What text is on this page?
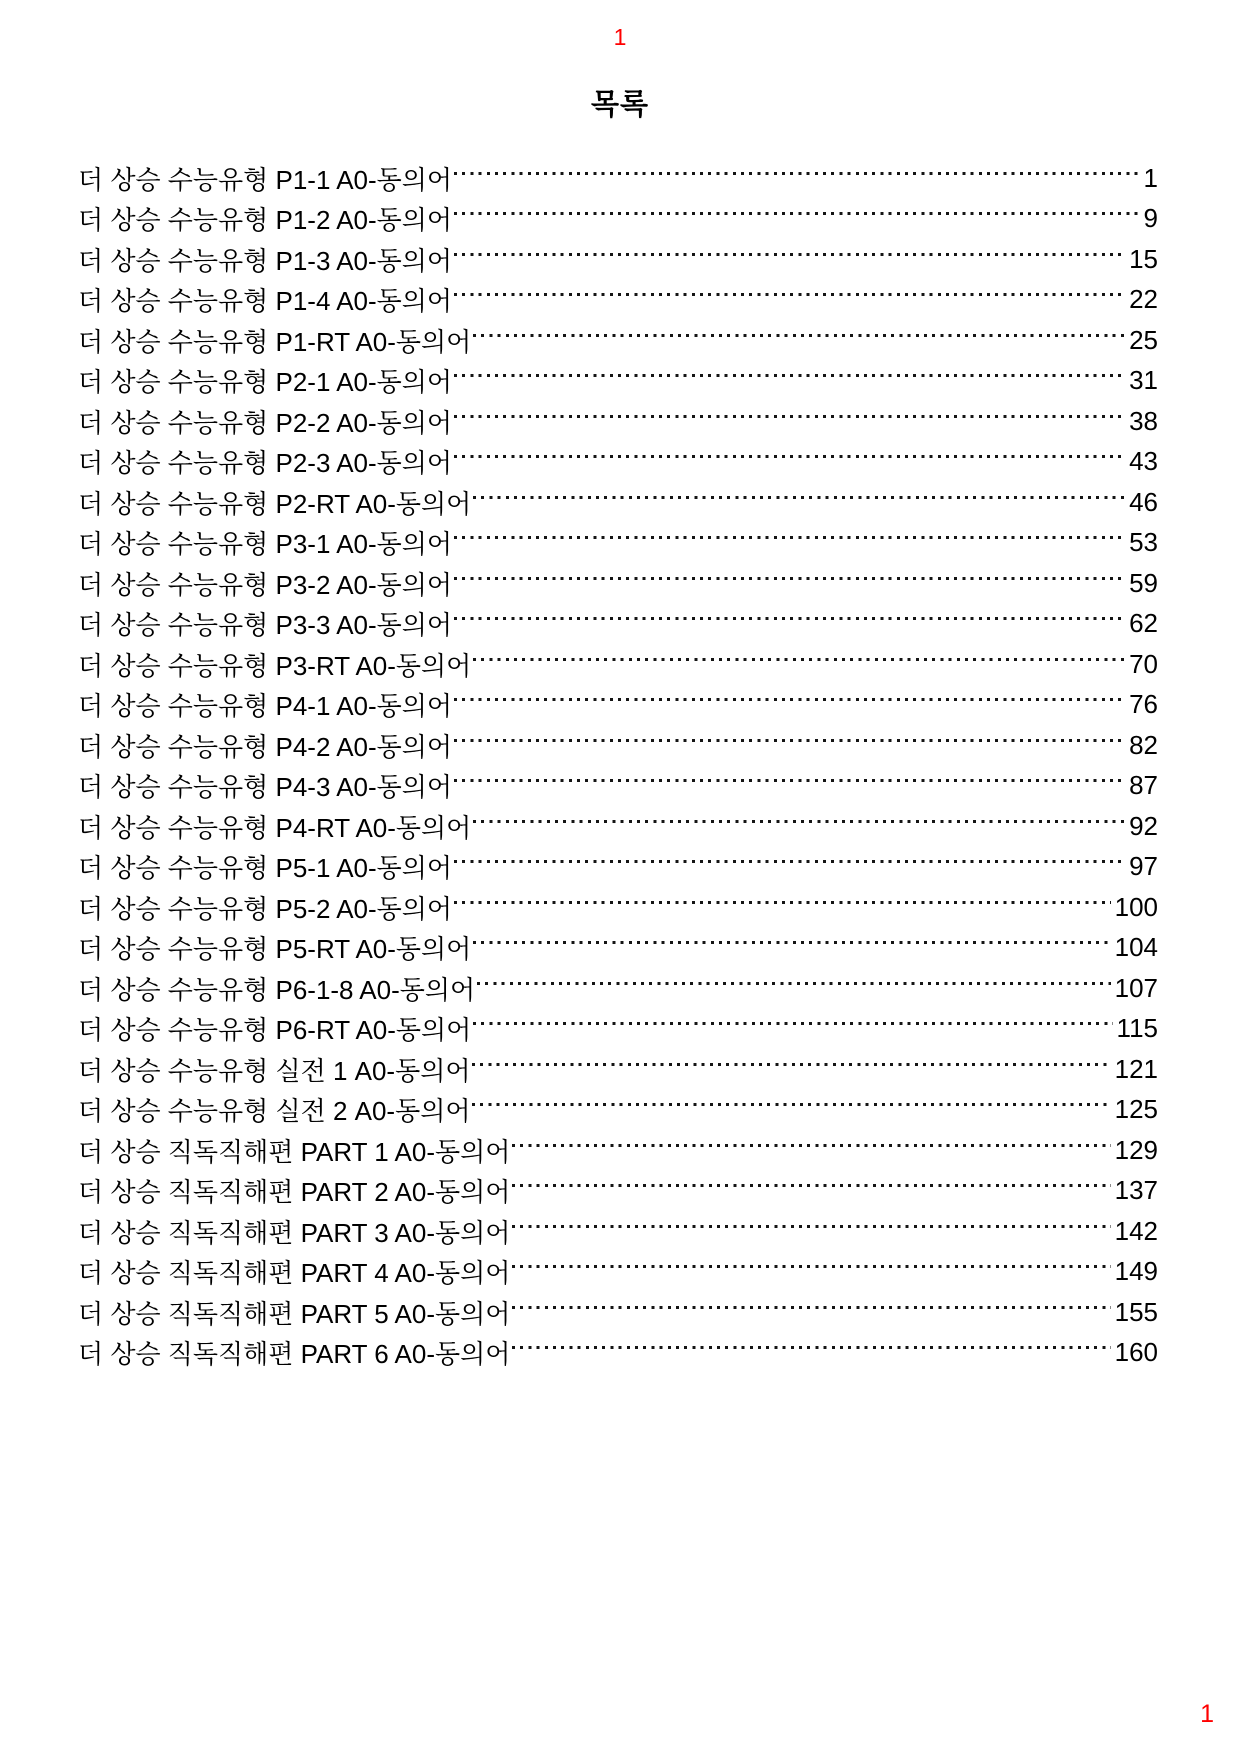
1
목록
더 상승 수능유형 P1-1 A0-동의어	1
더 상승 수능유형 P1-2 A0-동의어	9
더 상승 수능유형 P1-3 A0-동의어	15
더 상승 수능유형 P1-4 A0-동의어	22
더 상승 수능유형 P1-RT A0-동의어	25
더 상승 수능유형 P2-1 A0-동의어	31
더 상승 수능유형 P2-2 A0-동의어	38
더 상승 수능유형 P2-3 A0-동의어	43
더 상승 수능유형 P2-RT A0-동의어	46
더 상승 수능유형 P3-1 A0-동의어	53
더 상승 수능유형 P3-2 A0-동의어	59
더 상승 수능유형 P3-3 A0-동의어	62
더 상승 수능유형 P3-RT A0-동의어	70
더 상승 수능유형 P4-1 A0-동의어	76
더 상승 수능유형 P4-2 A0-동의어	82
더 상승 수능유형 P4-3 A0-동의어	87
더 상승 수능유형 P4-RT A0-동의어	92
더 상승 수능유형 P5-1 A0-동의어	97
더 상승 수능유형 P5-2 A0-동의어	100
더 상승 수능유형 P5-RT A0-동의어	104
더 상승 수능유형 P6-1-8 A0-동의어	107
더 상승 수능유형 P6-RT A0-동의어	115
더 상승 수능유형 실전 1 A0-동의어	121
더 상승 수능유형 실전 2 A0-동의어	125
더 상승 직독직해편 PART 1 A0-동의어	129
더 상승 직독직해편 PART 2 A0-동의어	137
더 상승 직독직해편 PART 3 A0-동의어	142
더 상승 직독직해편 PART 4 A0-동의어	149
더 상승 직독직해편 PART 5 A0-동의어	155
더 상승 직독직해편 PART 6 A0-동의어	160
1
